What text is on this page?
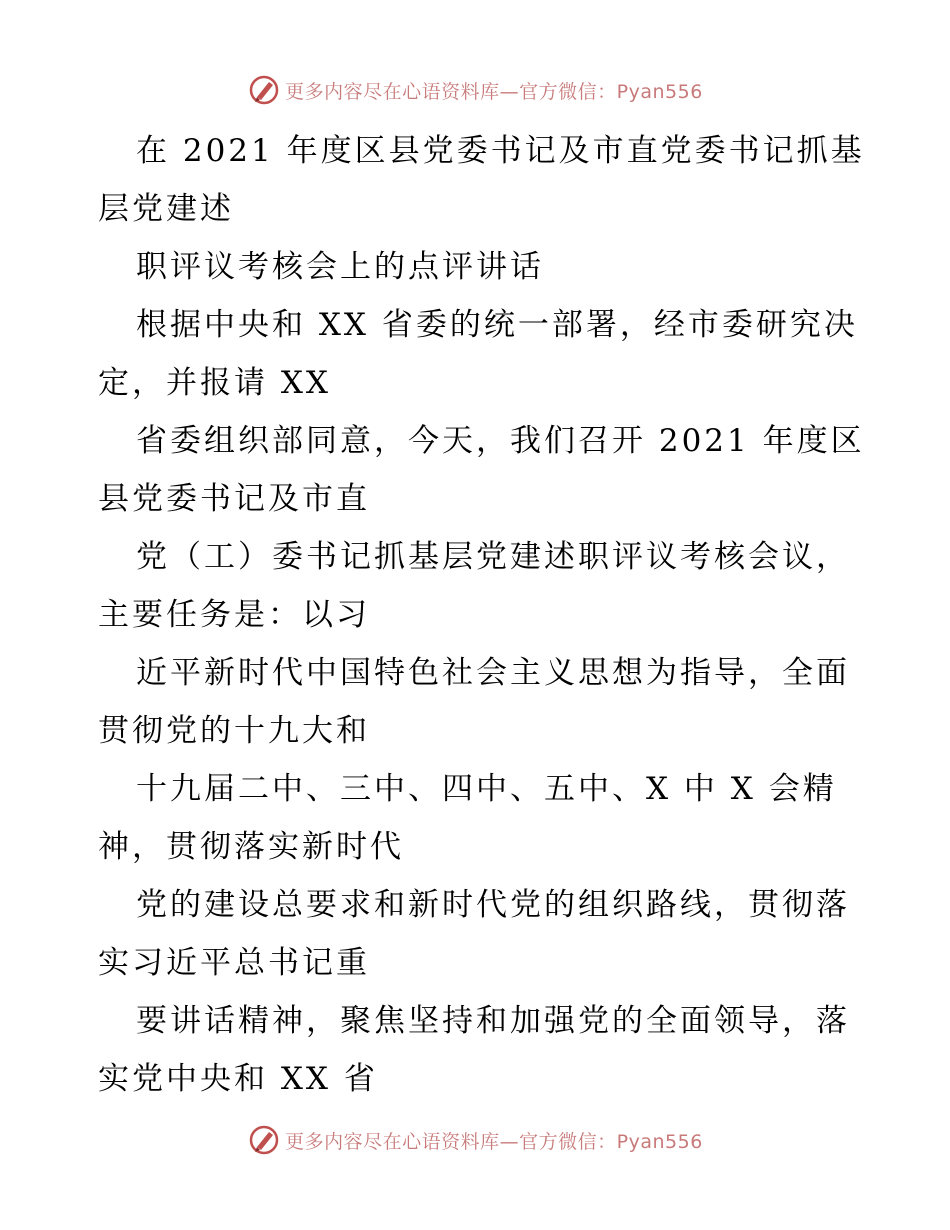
更多内容尽在心语资料库—官方微信：Pyan556
在 2021 年度区县党委书记及市直党委书记抓基
层党建述
职评议考核会上的点评讲话
根据中央和 XX 省委的统一部署，经市委研究决
定，并报请 XX
省委组织部同意，今天，我们召开 2021 年度区
县党委书记及市直
党（工）委书记抓基层党建述职评议考核会议，
主要任务是：以习
近平新时代中国特色社会主义思想为指导，全面
贯彻党的十九大和
十九届二中、三中、四中、五中、X 中 X 会精
神，贯彻落实新时代
党的建设总要求和新时代党的组织路线，贯彻落
实习近平总书记重
要讲话精神，聚焦坚持和加强党的全面领导，落
实党中央和 XX 省
更多内容尽在心语资料库—官方微信：Pyan556
